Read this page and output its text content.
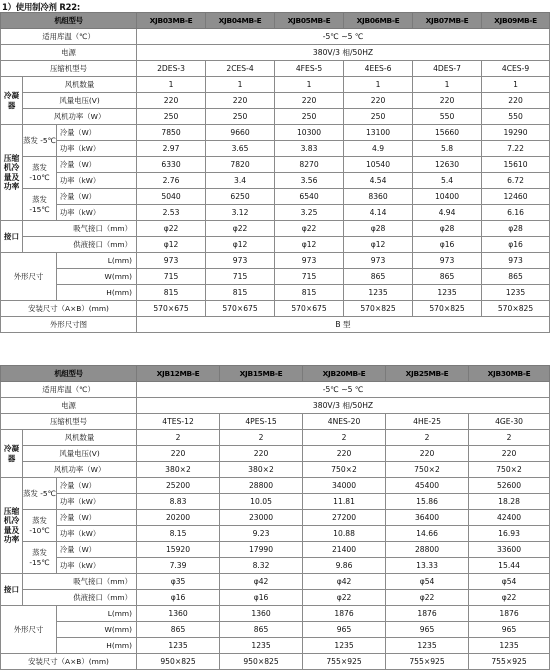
1）使用制冷剂 R22:
机组型号			XJB03MB-E	XJB04MB-E	XJB05MB-E	XJB06MB-E	XJB07MB-E	XJB09MB-E
适用库温（℃）			-5℃ ~5 ℃					
电源			380V/3 相/50HZ					
压缩机型号			2DES-3	2CES-4	4FES-5	4EES-6	4DES-7	4CES-9
冷凝器	风机数量		1	1	1	1	1	1
	风量电压(V)		220	220	220	220	220	220
	风机功率（W）		250	250	250	250	550	550
压缩机冷量及功率	蒸发 -5℃	冷量（W）	7850	9660	10300	13100	15660	19290
		功率（kW）	2.97	3.65	3.83	4.9	5.8	7.22
	蒸发 -10℃	冷量（W）	6330	7820	8270	10540	12630	15610
		功率（kW）	2.76	3.4	3.56	4.54	5.4	6.72
	蒸发 -15℃	冷量（W）	5040	6250	6540	8360	10400	12460
		功率（kW）	2.53	3.12	3.25	4.14	4.94	6.16
接口	吸气接口（mm）		φ22	φ22	φ22	φ28	φ28	φ28
	供液接口（mm）		φ12	φ12	φ12	φ12	φ16	φ16
外形尺寸		L(mm)	973	973	973	973	973	973
		W(mm)	715	715	715	865	865	865
		H(mm)	815	815	815	1235	1235	1235
安装尺寸（A×B）(mm)			570×675	570×675	570×675	570×825	570×825	570×825
外形尺寸图			B 型					
机组型号			XJB12MB-E	XJB15MB-E	XJB20MB-E	XJB25MB-E	XJB30MB-E
适用库温（℃）			-5℃ ~5 ℃				
电源			380V/3 相/50HZ				
压缩机型号			4TES-12	4PES-15	4NES-20	4HE-25	4GE-30
冷凝器	风机数量		2	2	2	2	2
	风量电压(V)		220	220	220	220	220
	风机功率（W）		380×2	380×2	750×2	750×2	750×2
压缩机冷量及功率	蒸发 -5℃	冷量（W）	25200	28800	34000	45400	52600
		功率（kW）	8.83	10.05	11.81	15.86	18.28
	蒸发 -10℃	冷量（W）	20200	23000	27200	36400	42400
		功率（kW）	8.15	9.23	10.88	14.66	16.93
	蒸发 -15℃	冷量（W）	15920	17990	21400	28800	33600
		功率（kW）	7.39	8.32	9.86	13.33	15.44
接口	吸气接口（mm）		φ35	φ42	φ42	φ54	φ54
	供液接口（mm）		φ16	φ16	φ22	φ22	φ22
外形尺寸		L(mm)	1360	1360	1876	1876	1876
		W(mm)	865	865	965	965	965
		H(mm)	1235	1235	1235	1235	1235
安装尺寸（A×B）(mm)			950×825	950×825	755×925	755×925	755×925
